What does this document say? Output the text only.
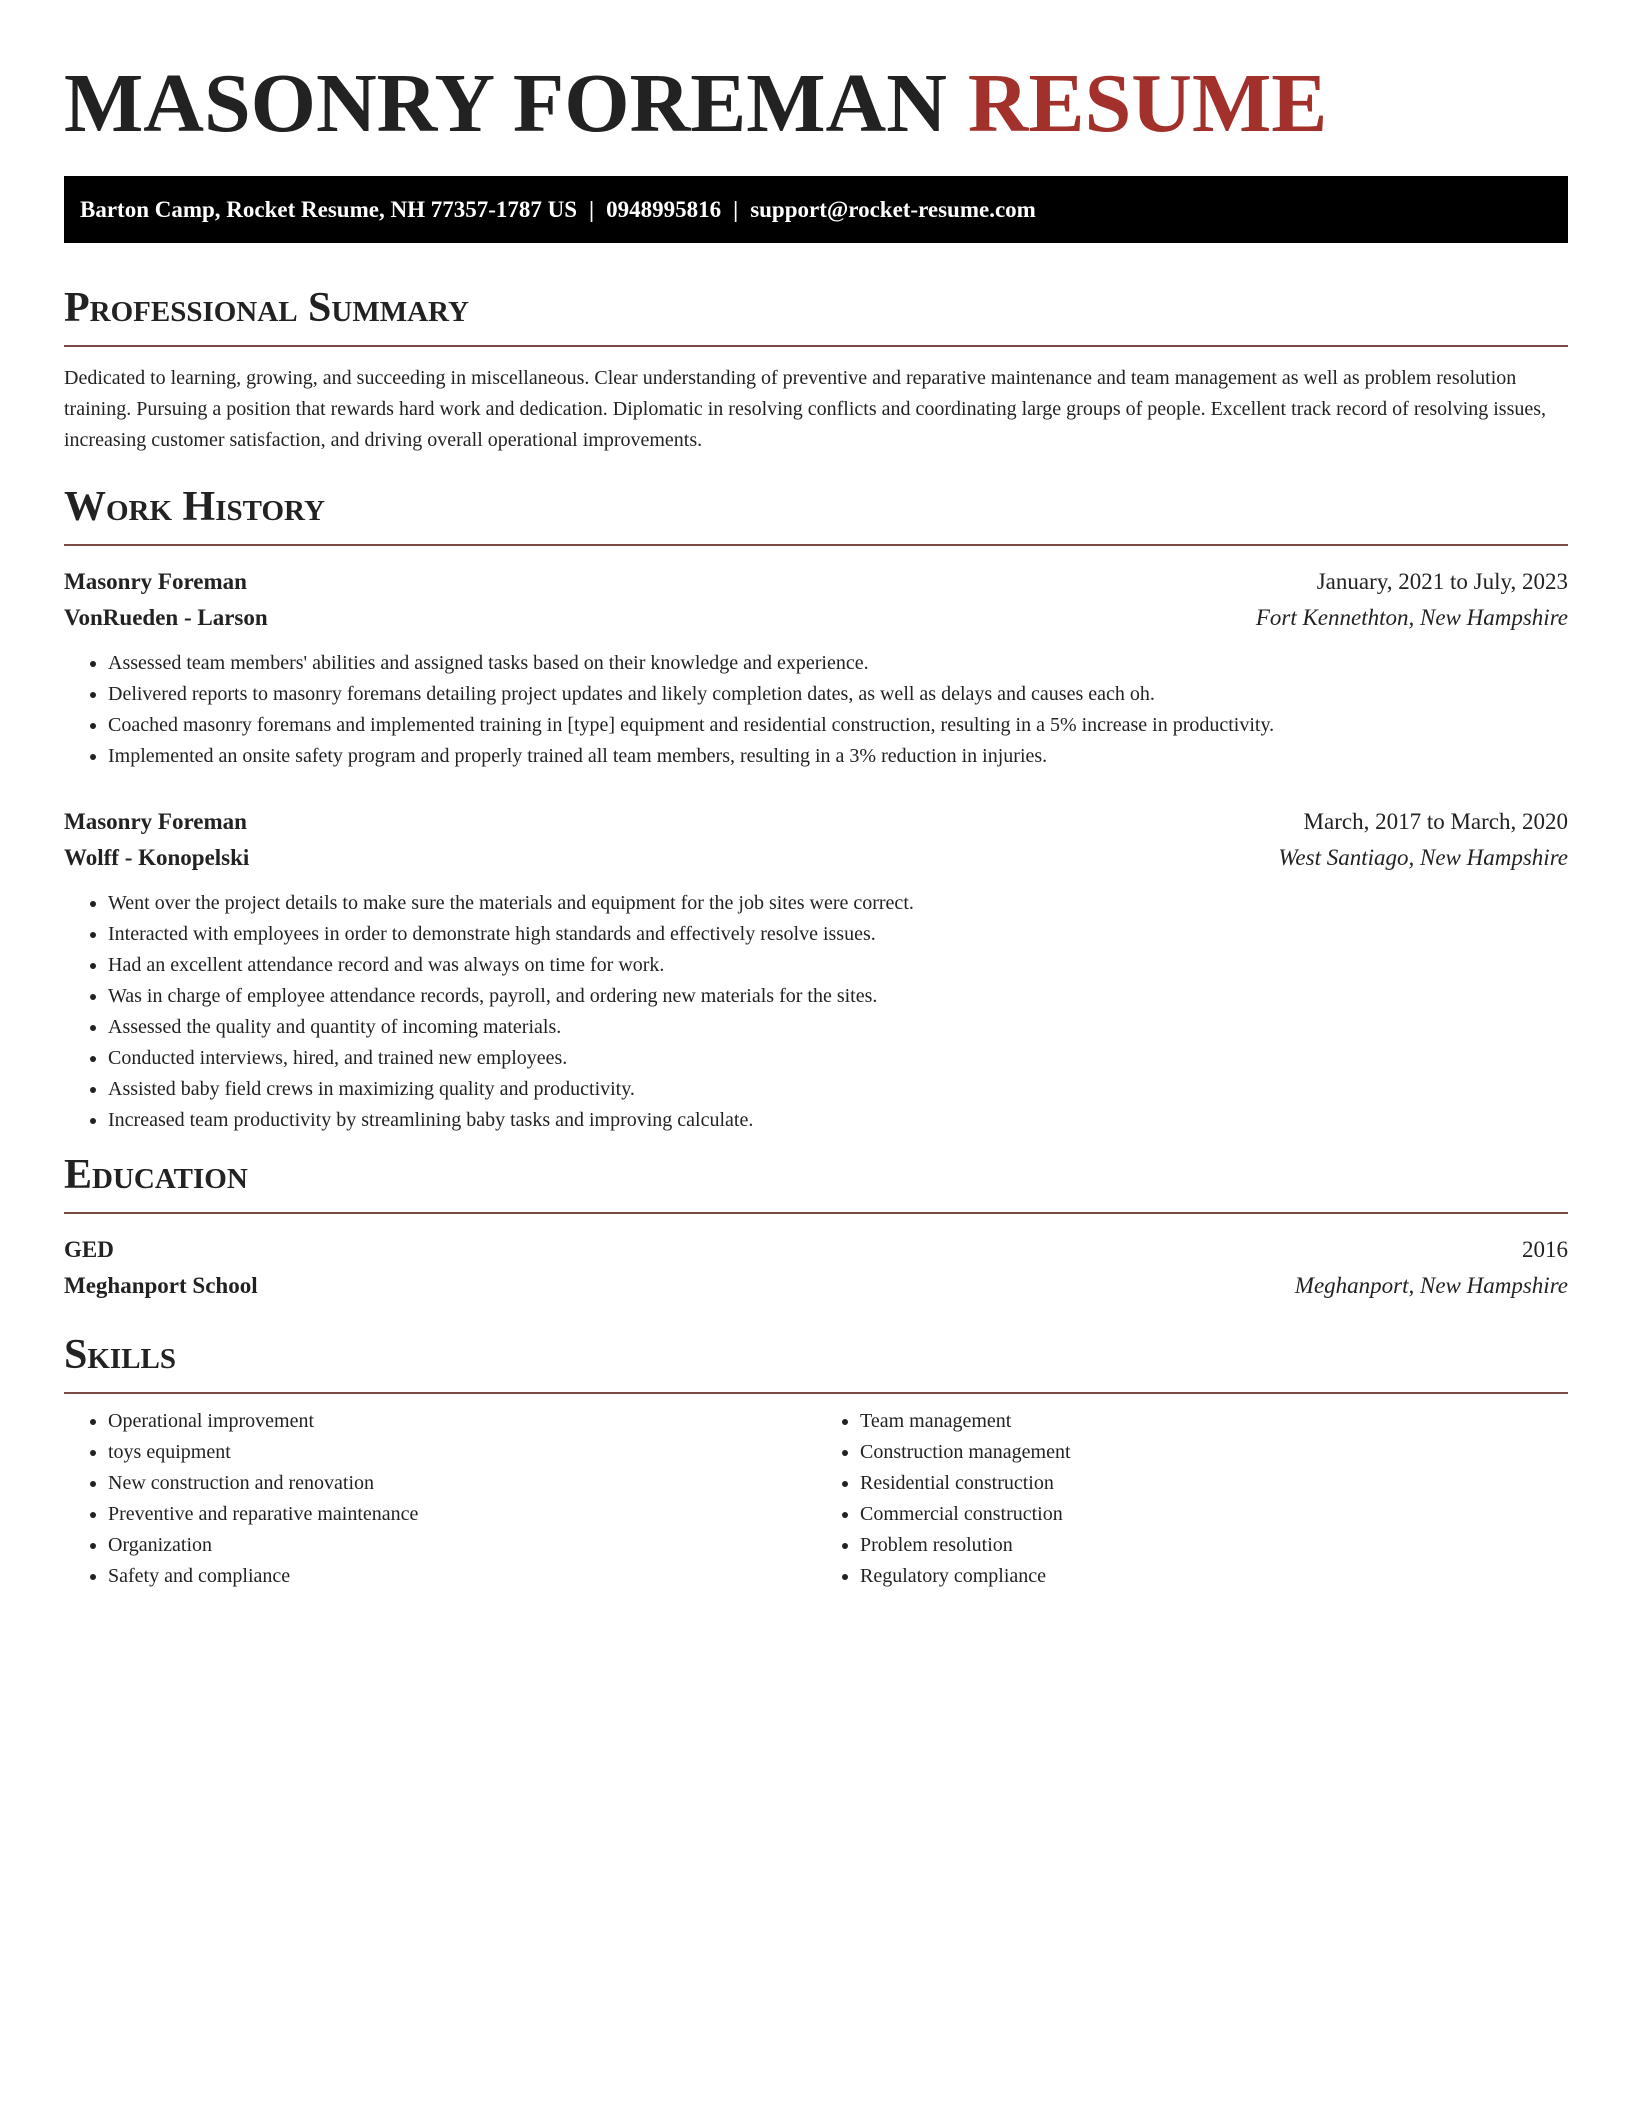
MASONRY FOREMAN RESUME
Barton Camp, Rocket Resume, NH 77357-1787 US | 0948995816 | support@rocket-resume.com
Professional Summary

Dedicated to learning, growing, and succeeding in miscellaneous. Clear understanding of preventive and reparative maintenance and team management as well as problem resolution training. Pursuing a position that rewards hard work and dedication. Diplomatic in resolving conflicts and coordinating large groups of people. Excellent track record of resolving issues, increasing customer satisfaction, and driving overall operational improvements.

Work History
Masonry Foreman	January, 2021 to July, 2023
VonRueden - Larson	Fort Kennethton, New Hampshire
• Assessed team members' abilities and assigned tasks based on their knowledge and experience.
• Delivered reports to masonry foremans detailing project updates and likely completion dates, as well as delays and causes each oh.
• Coached masonry foremans and implemented training in [type] equipment and residential construction, resulting in a 5% increase in productivity.
• Implemented an onsite safety program and properly trained all team members, resulting in a 3% reduction in injuries.
Masonry Foreman	March, 2017 to March, 2020
Wolff - Konopelski	West Santiago, New Hampshire
• Went over the project details to make sure the materials and equipment for the job sites were correct.
• Interacted with employees in order to demonstrate high standards and effectively resolve issues.
• Had an excellent attendance record and was always on time for work.
• Was in charge of employee attendance records, payroll, and ordering new materials for the sites.
• Assessed the quality and quantity of incoming materials.
• Conducted interviews, hired, and trained new employees.
• Assisted baby field crews in maximizing quality and productivity.
• Increased team productivity by streamlining baby tasks and improving calculate.
Education
GED	2016
Meghanport School	Meghanport, New Hampshire
Skills
• Operational improvement
• toys equipment
• New construction and renovation
• Preventive and reparative maintenance
• Organization
• Safety and compliance
• Team management
• Construction management
• Residential construction
• Commercial construction
• Problem resolution
• Regulatory compliance
